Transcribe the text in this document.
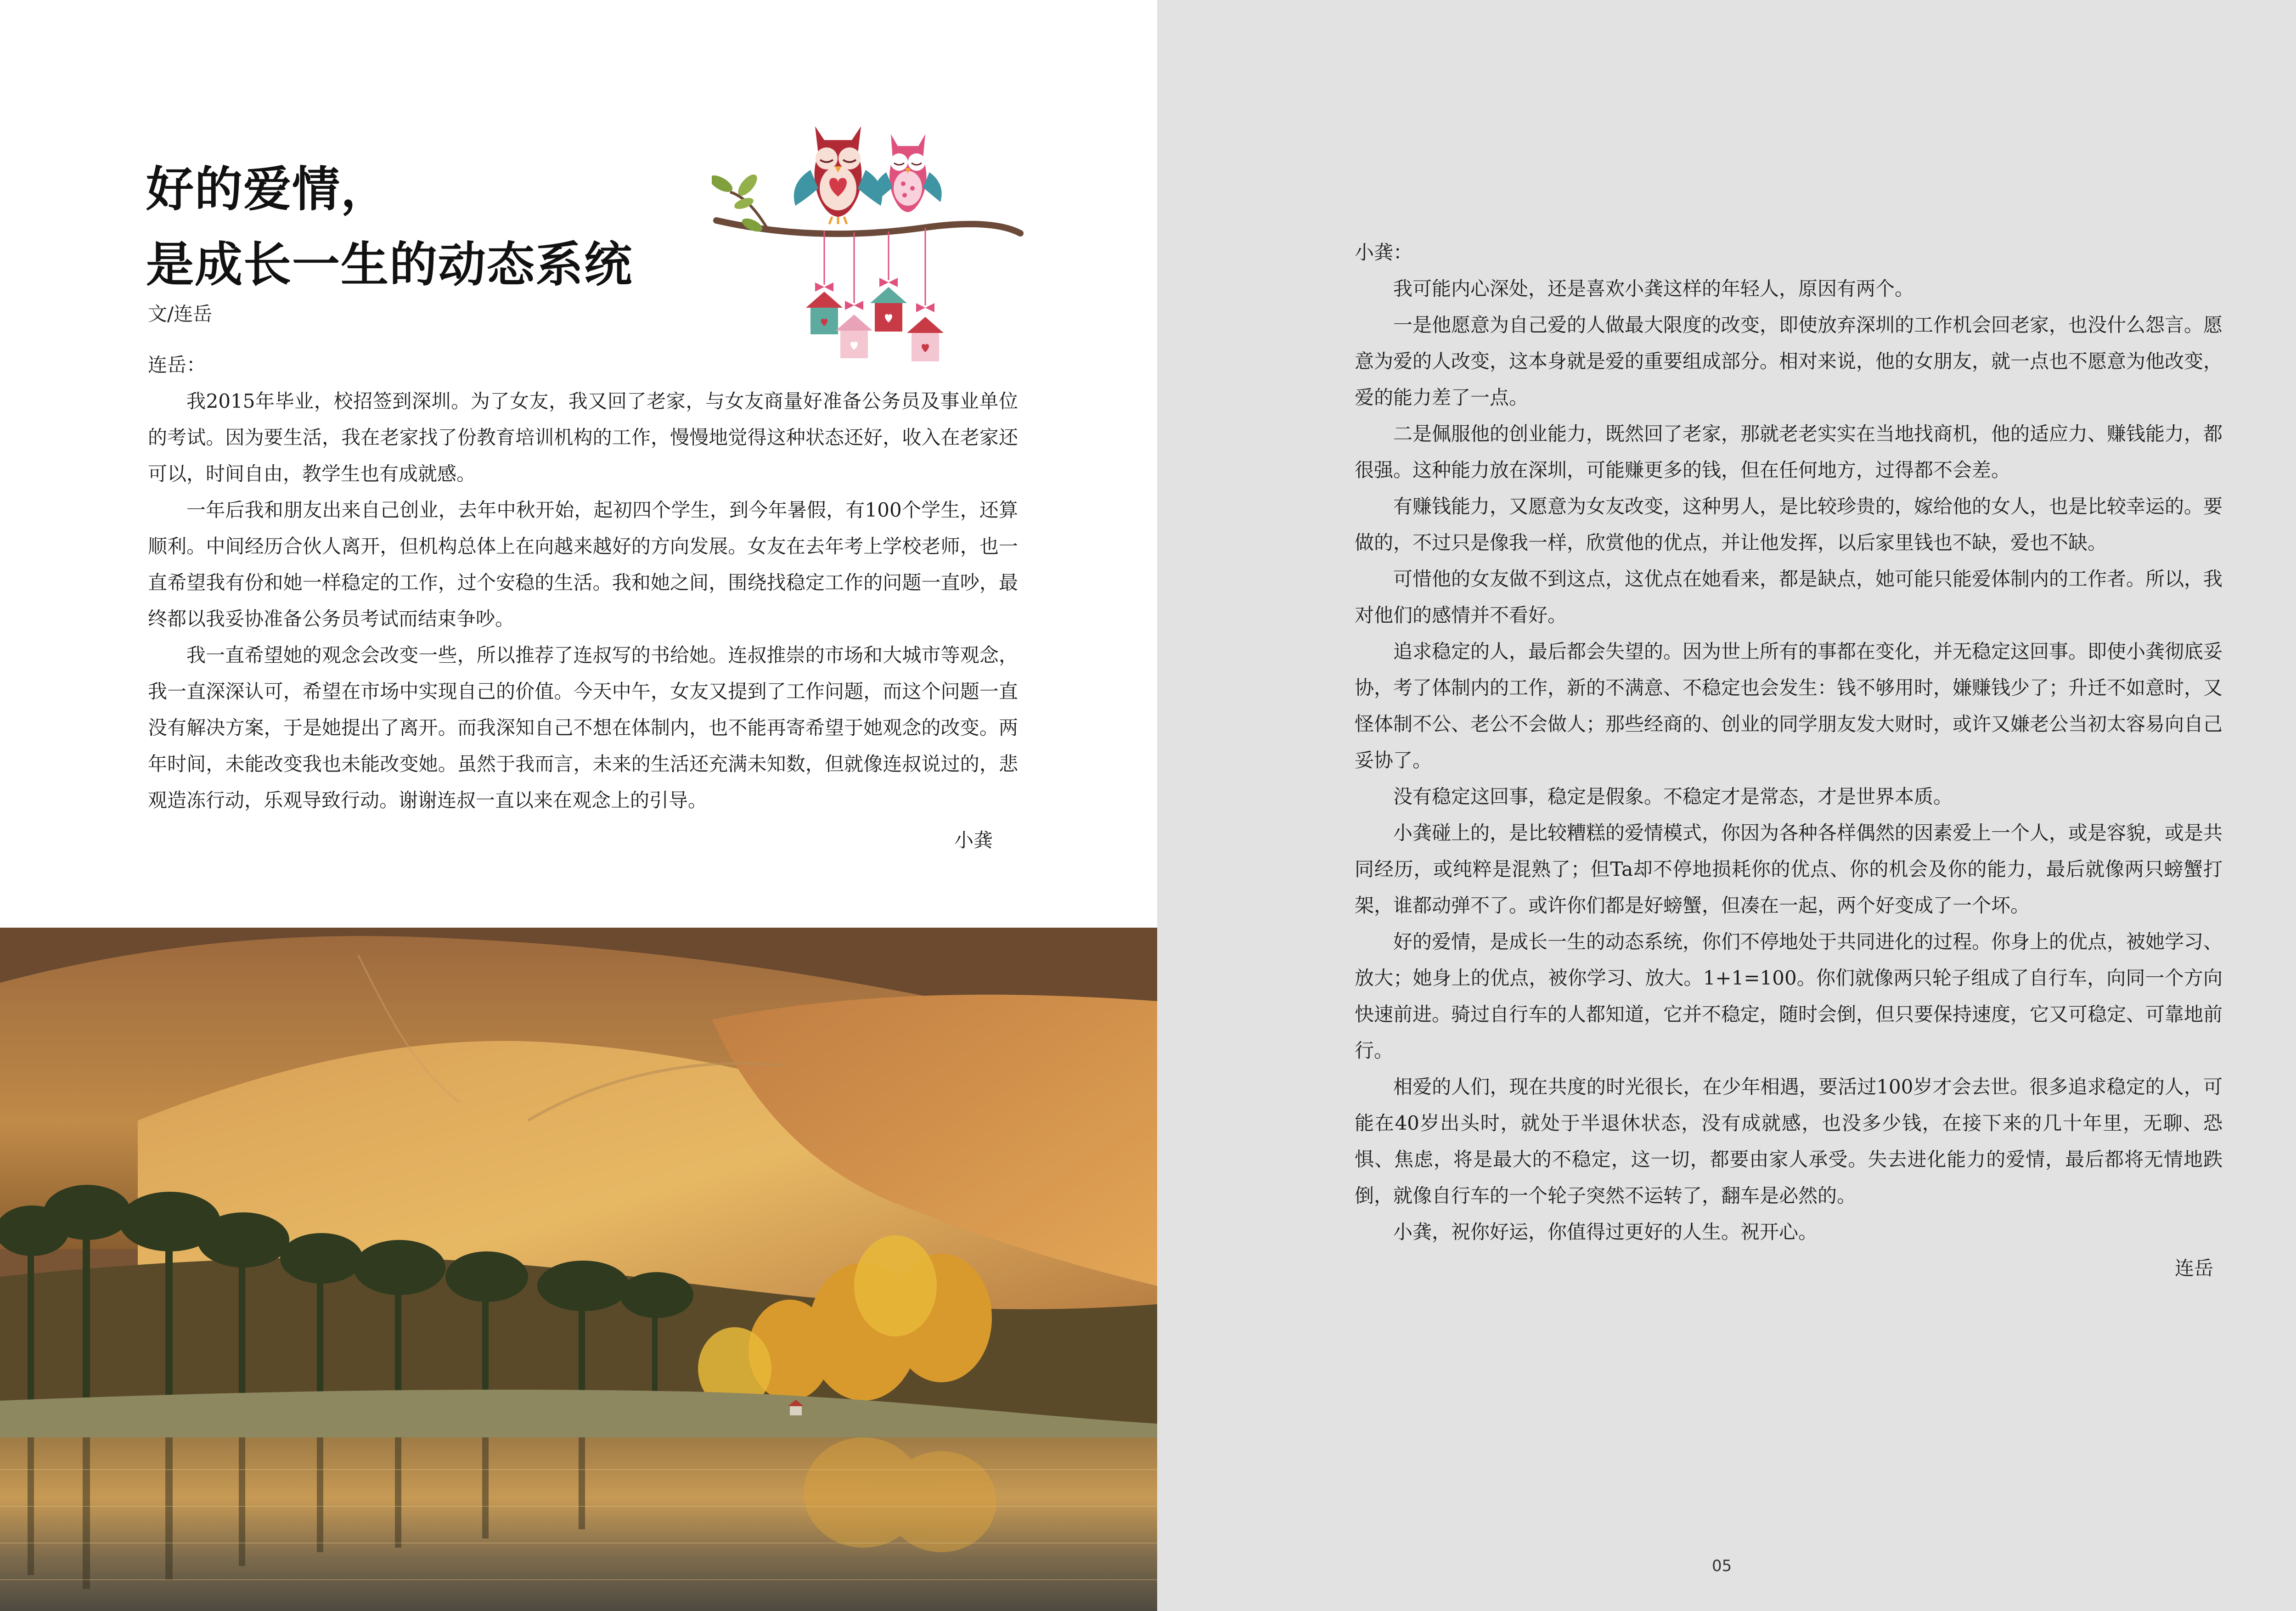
好的爱情，
是成长一生的动态系统
文/连岳

连岳：

我2015年毕业，校招签到深圳。为了女友，我又回了老家，与女友商量好准备公务员及事业单位的考试。因为要生活，我在老家找了份教育培训机构的工作，慢慢地觉得这种状态还好，收入在老家还可以，时间自由，教学生也有成就感。

一年后我和朋友出来自己创业，去年中秋开始，起初四个学生，到今年暑假，有100个学生，还算顺利。中间经历合伙人离开，但机构总体上在向越来越好的方向发展。女友在去年考上学校老师，也一直希望我有份和她一样稳定的工作，过个安稳的生活。我和她之间，围绕找稳定工作的问题一直吵，最终都以我妥协准备公务员考试而结束争吵。

我一直希望她的观念会改变一些，所以推荐了连叔写的书给她。连叔推崇的市场和大城市等观念，我一直深深认可，希望在市场中实现自己的价值。今天中午，女友又提到了工作问题，而这个问题一直没有解决方案，于是她提出了离开。而我深知自己不想在体制内，也不能再寄希望于她观念的改变。两年时间，未能改变我也未能改变她。虽然于我而言，未来的生活还充满未知数，但就像连叔说过的，悲观造冻行动，乐观导致行动。谢谢连叔一直以来在观念上的引导。

小龚

小龚：

我可能内心深处，还是喜欢小龚这样的年轻人，原因有两个。

一是他愿意为自己爱的人做最大限度的改变，即使放弃深圳的工作机会回老家，也没什么怨言。愿意为爱的人改变，这本身就是爱的重要组成部分。相对来说，他的女朋友，就一点也不愿意为他改变，爱的能力差了一点。

二是佩服他的创业能力，既然回了老家，那就老老实实在当地找商机，他的适应力、赚钱能力，都很强。这种能力放在深圳，可能赚更多的钱，但在任何地方，过得都不会差。

有赚钱能力，又愿意为女友改变，这种男人，是比较珍贵的，嫁给他的女人，也是比较幸运的。要做的，不过只是像我一样，欣赏他的优点，并让他发挥，以后家里钱也不缺，爱也不缺。

可惜他的女友做不到这点，这优点在她看来，都是缺点，她可能只能爱体制内的工作者。所以，我对他们的感情并不看好。

追求稳定的人，最后都会失望的。因为世上所有的事都在变化，并无稳定这回事。即使小龚彻底妥协，考了体制内的工作，新的不满意、不稳定也会发生：钱不够用时，嫌赚钱少了；升迁不如意时，又怪体制不公、老公不会做人；那些经商的、创业的同学朋友发大财时，或许又嫌老公当初太容易向自己妥协了。

没有稳定这回事，稳定是假象。不稳定才是常态，才是世界本质。

小龚碰上的，是比较糟糕的爱情模式，你因为各种各样偶然的因素爱上一个人，或是容貌，或是共同经历，或纯粹是混熟了；但Ta却不停地损耗你的优点、你的机会及你的能力，最后就像两只螃蟹打架，谁都动弹不了。或许你们都是好螃蟹，但凑在一起，两个好变成了一个坏。

好的爱情，是成长一生的动态系统，你们不停地处于共同进化的过程。你身上的优点，被她学习、放大；她身上的优点，被你学习、放大。1+1=100。你们就像两只轮子组成了自行车，向同一个方向快速前进。骑过自行车的人都知道，它并不稳定，随时会倒，但只要保持速度，它又可稳定、可靠地前行。

相爱的人们，现在共度的时光很长，在少年相遇，要活过100岁才会去世。很多追求稳定的人，可能在40岁出头时，就处于半退休状态，没有成就感，也没多少钱，在接下来的几十年里，无聊、恐惧、焦虑，将是最大的不稳定，这一切，都要由家人承受。失去进化能力的爱情，最后都将无情地跌倒，就像自行车的一个轮子突然不运转了，翻车是必然的。

小龚，祝你好运，你值得过更好的人生。祝开心。

连岳

05
